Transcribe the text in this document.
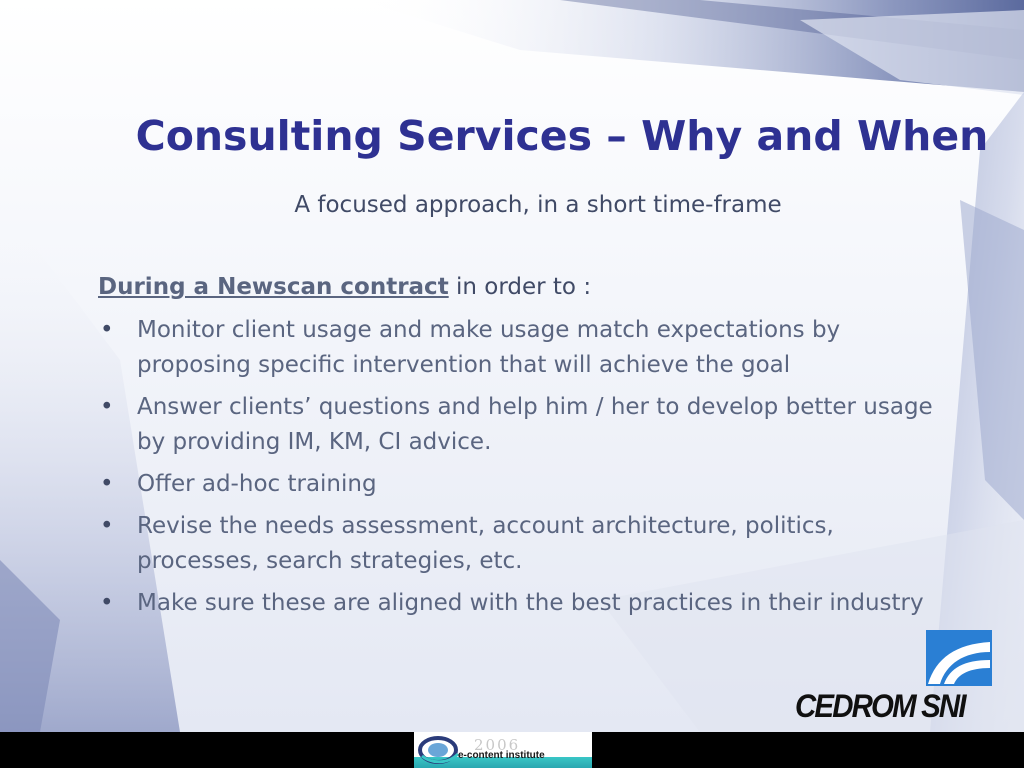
Consulting Services – Why and When
A focused approach, in a short time-frame
During a Newscan contract in order to :
• Monitor client usage and make usage match expectations by proposing specific intervention that will achieve the goal
• Answer clients’ questions and help him / her to develop better usage by providing IM, KM, CI advice.
• Offer ad-hoc training
• Revise the needs assessment, account architecture, politics, processes, search strategies, etc.
• Make sure these are aligned with the best practices in their industry
CEDROM SNI
2006
e-content institute
